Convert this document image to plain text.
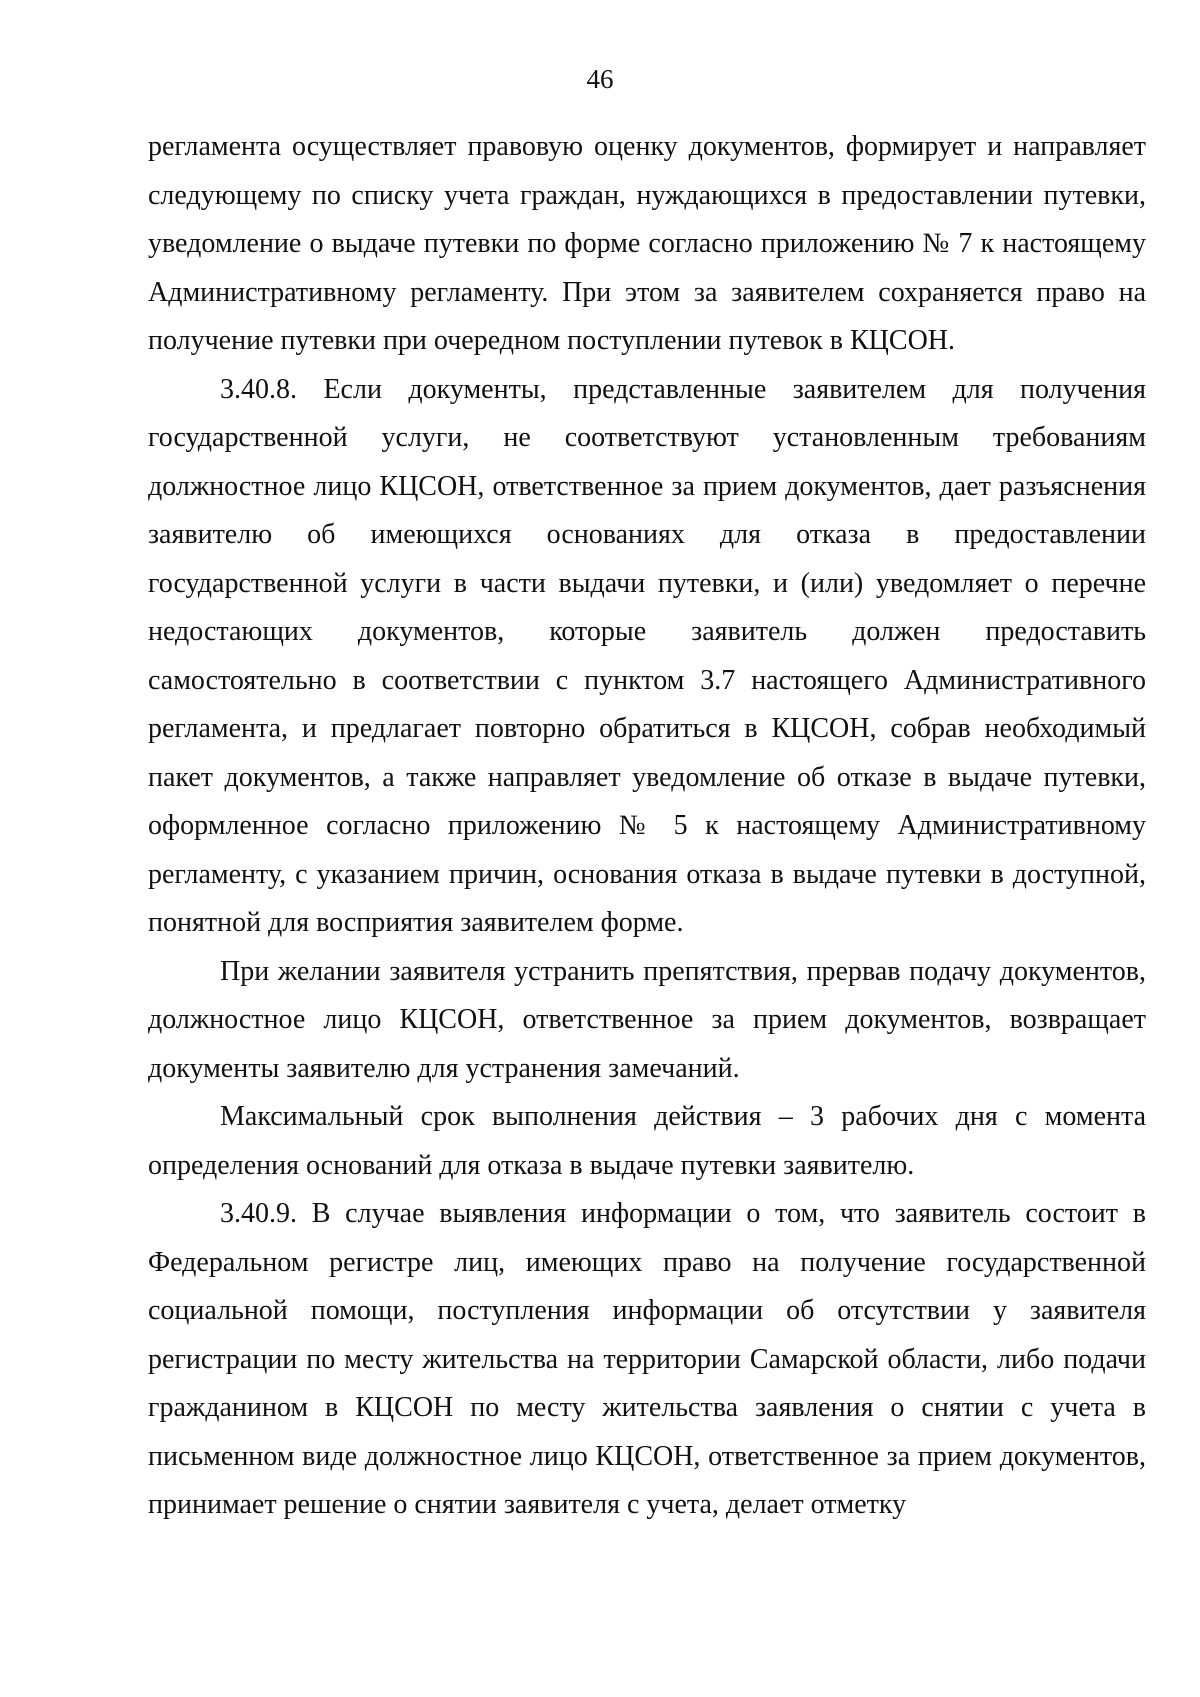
46

регламента осуществляет правовую оценку документов, формирует и направляет следующему по списку учета граждан, нуждающихся в предоставлении путевки, уведомление о выдаче путевки по форме согласно приложению № 7 к настоящему Административному регламенту. При этом за заявителем сохраняется право на получение путевки при очередном поступлении путевок в КЦСОН.

3.40.8. Если документы, представленные заявителем для получения государственной услуги, не соответствуют установленным требованиям должностное лицо КЦСОН, ответственное за прием документов, дает разъяснения заявителю об имеющихся основаниях для отказа в предоставлении государственной услуги в части выдачи путевки, и (или) уведомляет о перечне недостающих документов, которые заявитель должен предоставить самостоятельно в соответствии с пунктом 3.7 настоящего Административного регламента, и предлагает повторно обратиться в КЦСОН, собрав необходимый пакет документов, а также направляет уведомление об отказе в выдаче путевки, оформленное согласно приложению № 5 к настоящему Административному регламенту, с указанием причин, основания отказа в выдаче путевки в доступной, понятной для восприятия заявителем форме.

При желании заявителя устранить препятствия, прервав подачу документов, должностное лицо КЦСОН, ответственное за прием документов, возвращает документы заявителю для устранения замечаний.

Максимальный срок выполнения действия – 3 рабочих дня с момента определения оснований для отказа в выдаче путевки заявителю.

3.40.9. В случае выявления информации о том, что заявитель состоит в Федеральном регистре лиц, имеющих право на получение государственной социальной помощи, поступления информации об отсутствии у заявителя регистрации по месту жительства на территории Самарской области, либо подачи гражданином в КЦСОН по месту жительства заявления о снятии с учета в письменном виде должностное лицо КЦСОН, ответственное за прием документов, принимает решение о снятии заявителя с учета, делает отметку
